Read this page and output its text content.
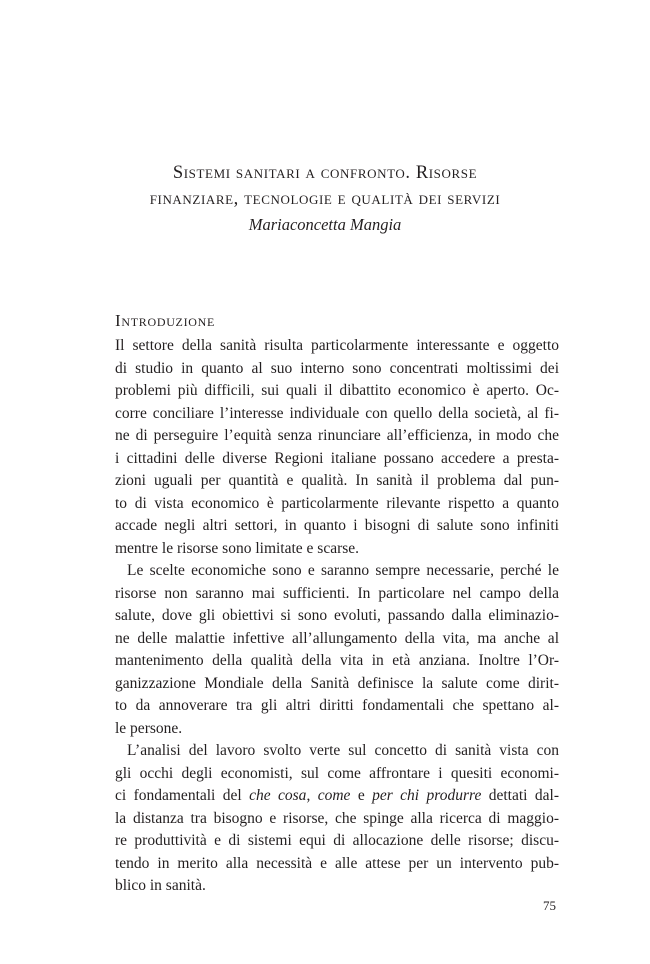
Sistemi sanitari a confronto. Risorse
finanziare, tecnologie e qualità dei servizi
Mariaconcetta Mangia
Introduzione
Il settore della sanità risulta particolarmente interessante e oggetto
di studio in quanto al suo interno sono concentrati moltissimi dei
problemi più difficili, sui quali il dibattito economico è aperto. Oc-
corre conciliare l’interesse individuale con quello della società, al fi-
ne di perseguire l’equità senza rinunciare all’efficienza, in modo che
i cittadini delle diverse Regioni italiane possano accedere a presta-
zioni uguali per quantità e qualità. In sanità il problema dal pun-
to di vista economico è particolarmente rilevante rispetto a quanto
accade negli altri settori, in quanto i bisogni di salute sono infiniti
mentre le risorse sono limitate e scarse.
Le scelte economiche sono e saranno sempre necessarie, perché le
risorse non saranno mai sufficienti. In particolare nel campo della
salute, dove gli obiettivi si sono evoluti, passando dalla eliminazio-
ne delle malattie infettive all’allungamento della vita, ma anche al
mantenimento della qualità della vita in età anziana. Inoltre l’Or-
ganizzazione Mondiale della Sanità definisce la salute come dirit-
to da annoverare tra gli altri diritti fondamentali che spettano al-
le persone.
L’analisi del lavoro svolto verte sul concetto di sanità vista con
gli occhi degli economisti, sul come affrontare i quesiti economi-
ci fondamentali del che cosa, come e per chi produrre dettati dal-
la distanza tra bisogno e risorse, che spinge alla ricerca di maggio-
re produttività e di sistemi equi di allocazione delle risorse; discu-
tendo in merito alla necessità e alle attese per un intervento pub-
blico in sanità.
75
